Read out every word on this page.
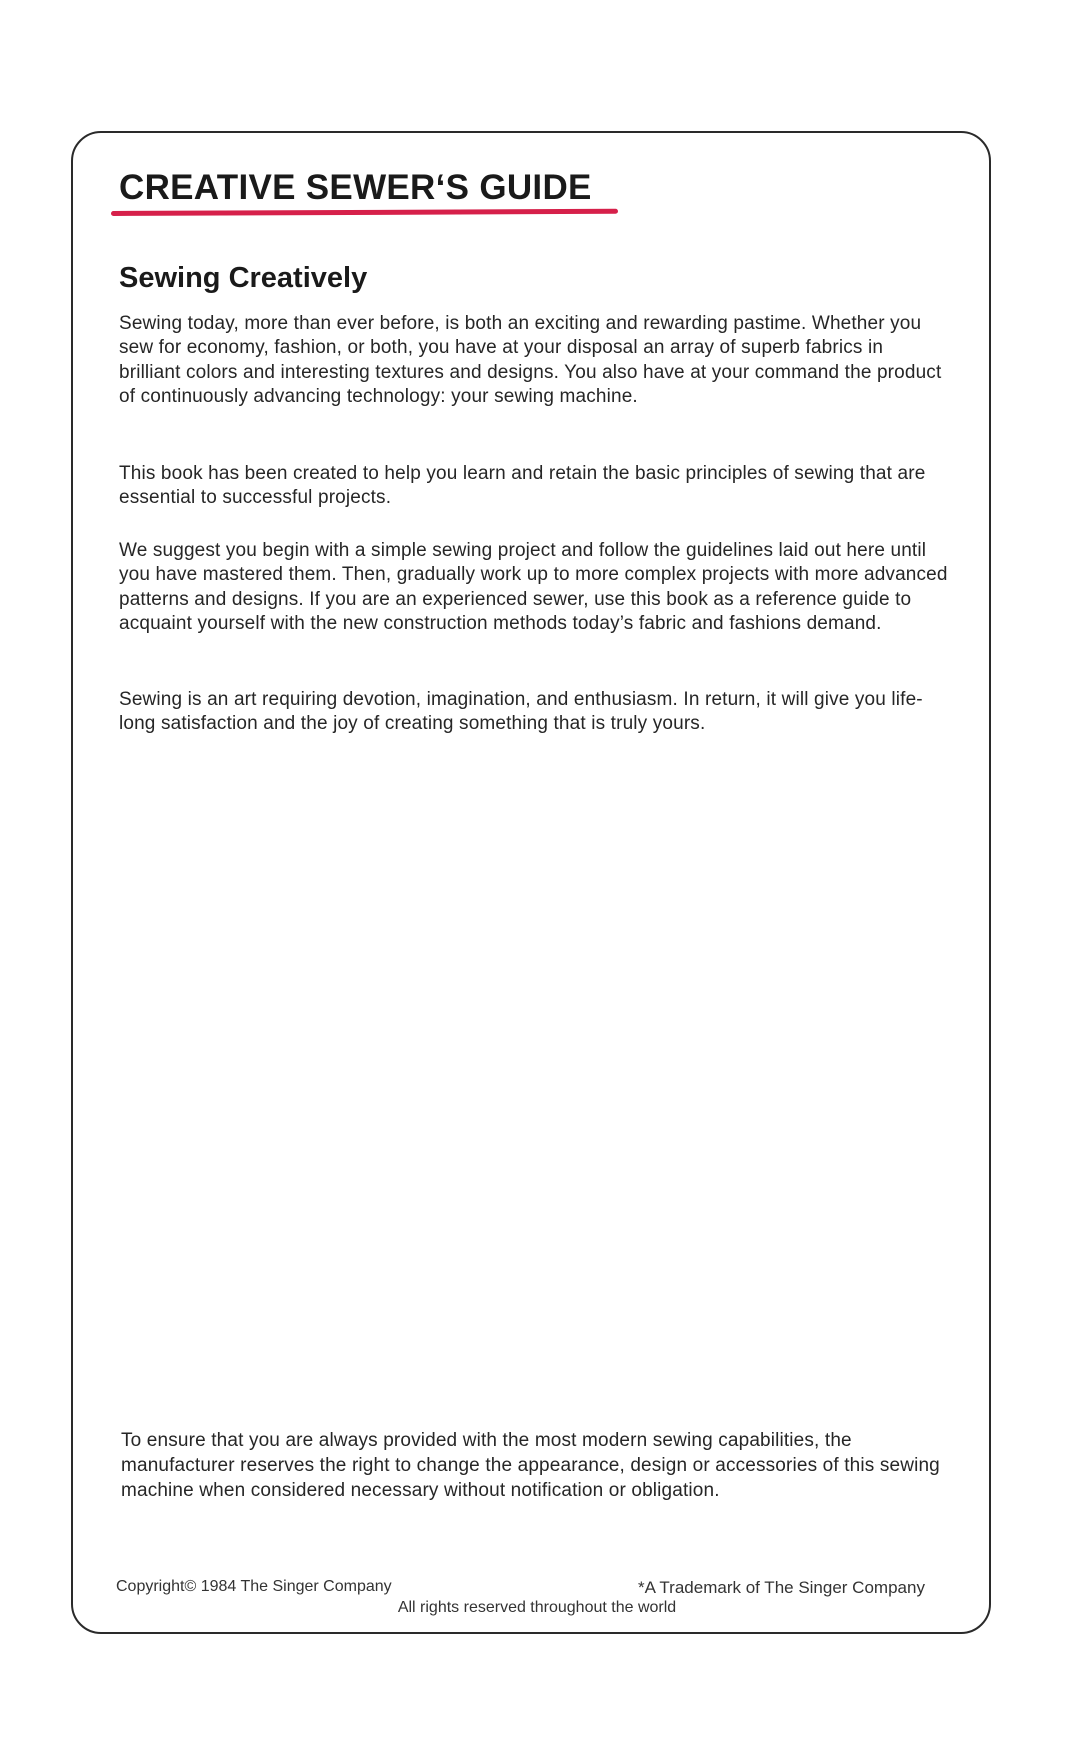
CREATIVE SEWER‘S GUIDE
Sewing Creatively

Sewing today, more than ever before, is both an exciting and rewarding pastime. Whether you sew for economy, fashion, or both, you have at your disposal an array of superb fabrics in brilliant colors and interesting textures and designs. You also have at your command the product of continuously advancing technology: your sewing machine.

This book has been created to help you learn and retain the basic principles of sewing that are essential to successful projects.

We suggest you begin with a simple sewing project and follow the guidelines laid out here until you have mastered them. Then, gradually work up to more complex projects with more advanced patterns and designs. If you are an experienced sewer, use this book as a reference guide to acquaint yourself with the new construction methods today’s fabric and fashions demand.

Sewing is an art requiring devotion, imagination, and enthusiasm. In return, it will give you life-long satisfaction and the joy of creating something that is truly yours.

To ensure that you are always provided with the most modern sewing capabilities, the manufacturer reserves the right to change the appearance, design or accessories of this sewing machine when considered necessary without notification or obligation.

Copyright© 1984 The Singer Company	*A Trademark of The Singer Company
All rights reserved throughout the world
